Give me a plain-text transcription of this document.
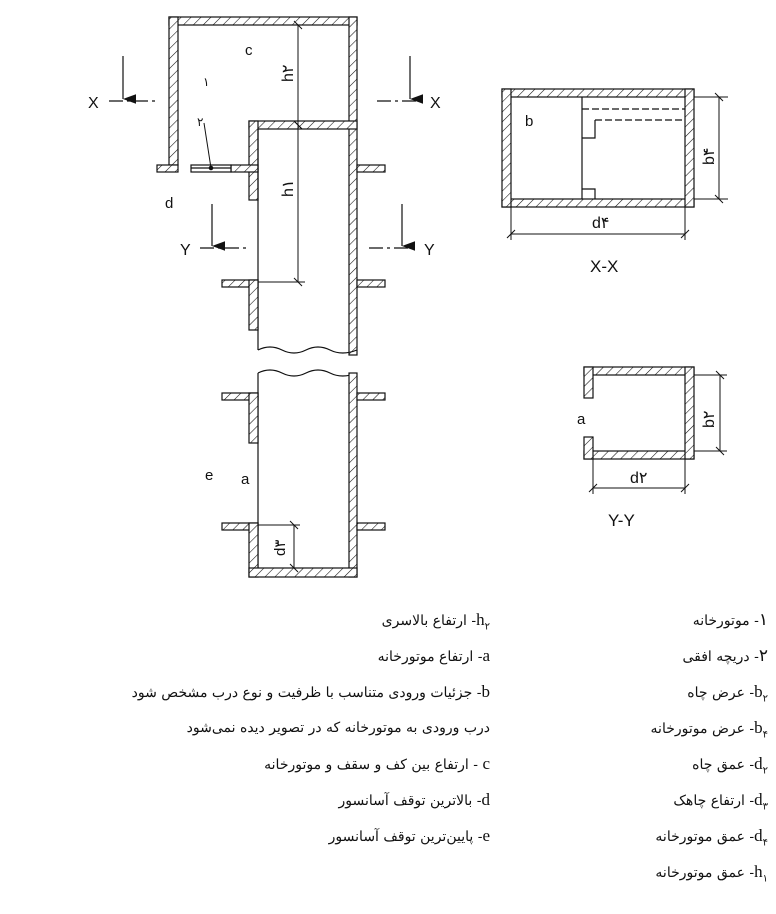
X	X
Y	Y
c
۱
۲
d
e a
h۲
h۱
d۳
b
b۴
d۴
X-X
a	b۲
d۲
Y-Y
۱- موتورخانه
۲- دریچه افقی
$b_۲-$ عرض چاه
$b_۴-$ عرض موتورخانه
$d_۲-$ عمق چاه
$d_۳-$ ارتفاع چاهک
$d_۴-$ عمق موتورخانه
$h_۱-$ عمق موتورخانه
$h_۲-$ ارتفاع بالاسری
a- ارتفاع موتورخانه
b- جزئیات ورودی متناسب با ظرفیت و نوع درب مشخص شود
درب ورودی به موتورخانه که در تصویر دیده نمی‌شود
c - ارتفاع بین کف و سقف و موتورخانه
d- بالاترین توقف آسانسور
e- پایین‌ترین توقف آسانسور
